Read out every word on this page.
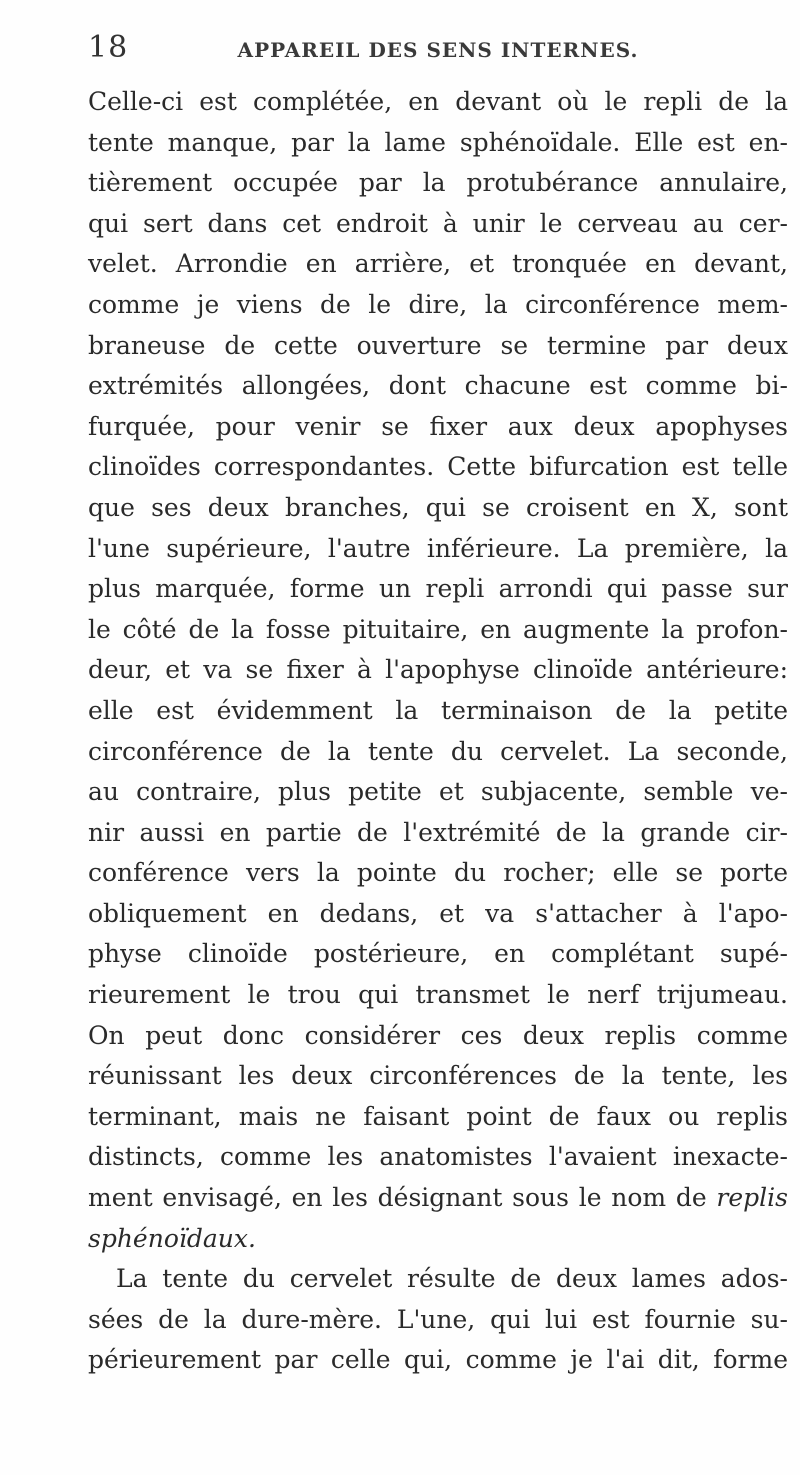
18	APPAREIL DES SENS INTERNES.
Celle-ci est complétée, en devant où le repli de la
tente manque, par la lame sphénoïdale. Elle est en-
tièrement occupée par la protubérance annulaire,
qui sert dans cet endroit à unir le cerveau au cer-
velet. Arrondie en arrière, et tronquée en devant,
comme je viens de le dire, la circonférence mem-
braneuse de cette ouverture se termine par deux
extrémités allongées, dont chacune est comme bi-
furquée, pour venir se fixer aux deux apophyses
clinoïdes correspondantes. Cette bifurcation est telle
que ses deux branches, qui se croisent en X, sont
l'une supérieure, l'autre inférieure. La première, la
plus marquée, forme un repli arrondi qui passe sur
le côté de la fosse pituitaire, en augmente la profon-
deur, et va se fixer à l'apophyse clinoïde antérieure:
elle est évidemment la terminaison de la petite
circonférence de la tente du cervelet. La seconde,
au contraire, plus petite et subjacente, semble ve-
nir aussi en partie de l'extrémité de la grande cir-
conférence vers la pointe du rocher; elle se porte
obliquement en dedans, et va s'attacher à l'apo-
physe clinoïde postérieure, en complétant supé-
rieurement le trou qui transmet le nerf trijumeau.
On peut donc considérer ces deux replis comme
réunissant les deux circonférences de la tente, les
terminant, mais ne faisant point de faux ou replis
distincts, comme les anatomistes l'avaient inexacte-
ment envisagé, en les désignant sous le nom de replis
sphénoïdaux.
La tente du cervelet résulte de deux lames ados-
sées de la dure-mère. L'une, qui lui est fournie su-
périeurement par celle qui, comme je l'ai dit, forme
